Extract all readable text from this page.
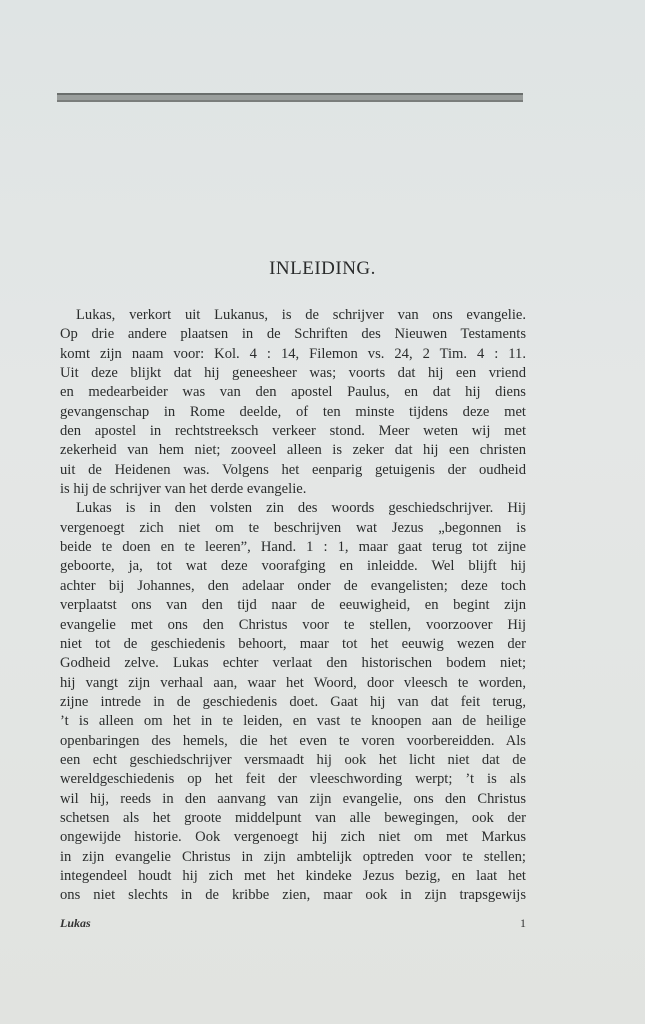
INLEIDING.
Lukas, verkort uit Lukanus, is de schrijver van ons evangelie.
Op drie andere plaatsen in de Schriften des Nieuwen Testaments
komt zijn naam voor: Kol. 4 : 14, Filemon vs. 24, 2 Tim. 4 : 11.
Uit deze blijkt dat hij geneesheer was; voorts dat hij een vriend
en medearbeider was van den apostel Paulus, en dat hij diens
gevangenschap in Rome deelde, of ten minste tijdens deze met
den apostel in rechtstreeksch verkeer stond. Meer weten wij met
zekerheid van hem niet; zooveel alleen is zeker dat hij een christen
uit de Heidenen was. Volgens het eenparig getuigenis der oudheid
is hij de schrijver van het derde evangelie.
Lukas is in den volsten zin des woords geschiedschrijver. Hij
vergenoegt zich niet om te beschrijven wat Jezus „begonnen is
beide te doen en te leeren”, Hand. 1 : 1, maar gaat terug tot zijne
geboorte, ja, tot wat deze voorafging en inleidde. Wel blijft hij
achter bij Johannes, den adelaar onder de evangelisten; deze toch
verplaatst ons van den tijd naar de eeuwigheid, en begint zijn
evangelie met ons den Christus voor te stellen, voorzoover Hij
niet tot de geschiedenis behoort, maar tot het eeuwig wezen der
Godheid zelve. Lukas echter verlaat den historischen bodem niet;
hij vangt zijn verhaal aan, waar het Woord, door vleesch te worden,
zijne intrede in de geschiedenis doet. Gaat hij van dat feit terug,
’t is alleen om het in te leiden, en vast te knoopen aan de heilige
openbaringen des hemels, die het even te voren voorbereidden. Als
een echt geschiedschrijver versmaadt hij ook het licht niet dat de
wereldgeschiedenis op het feit der vleeschwording werpt; ’t is als
wil hij, reeds in den aanvang van zijn evangelie, ons den Christus
schetsen als het groote middelpunt van alle bewegingen, ook der
ongewijde historie. Ook vergenoegt hij zich niet om met Markus
in zijn evangelie Christus in zijn ambtelijk optreden voor te stellen;
integendeel houdt hij zich met het kindeke Jezus bezig, en laat het
ons niet slechts in de kribbe zien, maar ook in zijn trapsgewijs
Lukas	1
